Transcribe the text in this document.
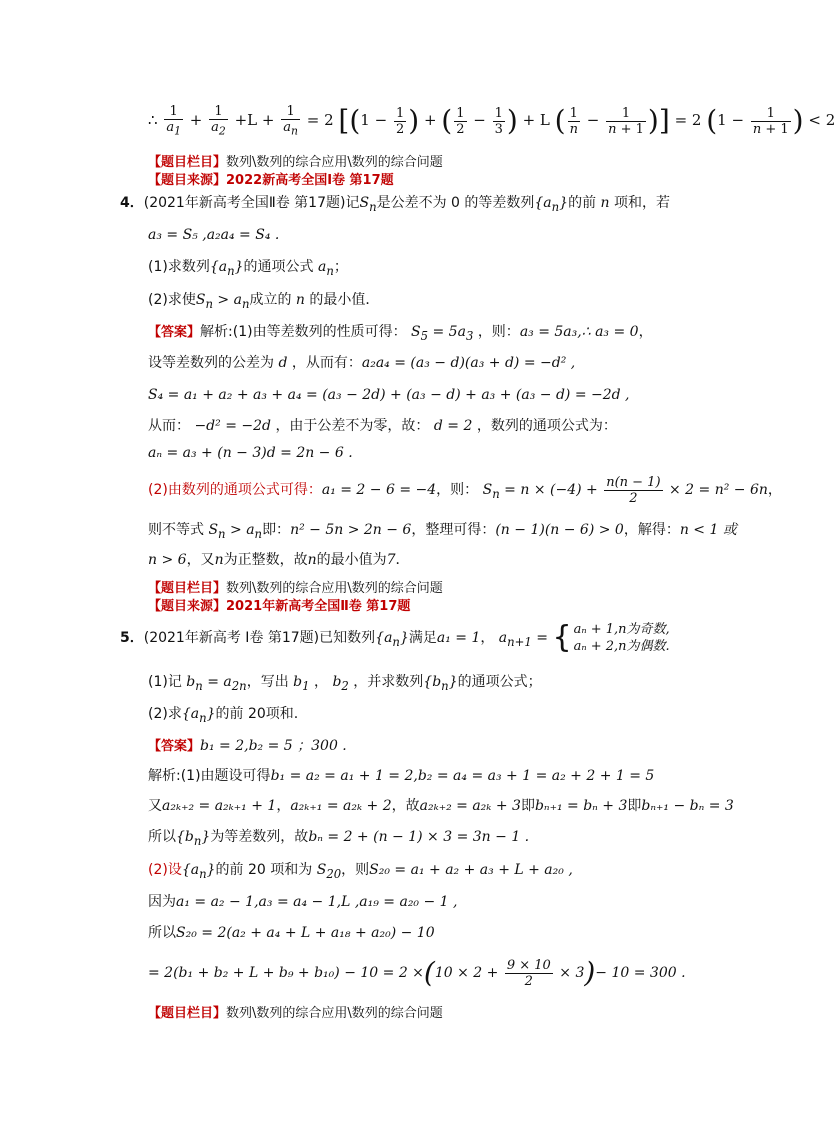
∴ $\frac{1}{a_1} + \frac{1}{a_2} +L + \frac{1}{a_n} = 2$ [($1 - \frac{1}{2}$ ) + ( $\frac{1}{2} - \frac{1}{3}$ ) + L ( $\frac{1}{n} - \frac{1}{n + 1}$ )] = 2 ($1 - \frac{1}{n + 1}$ ) < 2
【题目栏目】数列\数列的综合应用\数列的综合问题
【题目来源】2022新高考全国I卷 第17题
4．(2021年新高考全国Ⅱ卷 第17题)记$S_n$是公差不为 0 的等差数列$\{a_n\}$的前 n 项和，若
a₃ = S₅ ,a₂a₄ = S₄ .
(1)求数列$\{a_n\}$的通项公式 $a_n$；
(2)求使$S_n > a_n$成立的 n 的最小值．
【答案】解析:(1)由等差数列的性质可得： $S_5 = 5a_3$ ，则：a₃ = 5a₃,∴ a₃ = 0，
设等差数列的公差为 d ，从而有：a₂a₄ = (a₃ − d)(a₃ + d) = −d² ,
S₄ = a₁ + a₂ + a₃ + a₄ = (a₃ − 2d) + (a₃ − d) + a₃ + (a₃ − d) = −2d ,
从而： −d² = −2d ，由于公差不为零，故： d = 2 ，数列的通项公式为：
aₙ = a₃ + (n − 3)d = 2n − 6 .
(2)由数列的通项公式可得：a₁ = 2 − 6 = −4，则： $S_n = n \times (-4) + \frac{n(n - 1)}{2} \times 2 = n^2 - 6n$，
则不等式 $S_n > a_n$即：n² − 5n > 2n − 6，整理可得：(n − 1)(n − 6) > 0，解得：n < 1 或
n > 6，又n为正整数，故n的最小值为7．
【题目栏目】数列\数列的综合应用\数列的综合问题
【题目来源】2021年新高考全国Ⅱ卷 第17题
5．(2021年新高考 I卷 第17题)已知数列$\{a_n\}$满足a₁ = 1， $a_{n+1}$ = { aₙ + 1,n为奇数,
aₙ + 2,n为偶数.
(1)记 $b_n = a_{2n}$，写出 $b_1$ ， $b_2$ ，并求数列$\{b_n\}$的通项公式；
(2)求$\{a_n\}$的前 20项和.
【答案】b₁ = 2,b₂ = 5 ；300 .
解析:(1)由题设可得b₁ = a₂ = a₁ + 1 = 2,b₂ = a₄ = a₃ + 1 = a₂ + 2 + 1 = 5
又a₂ₖ₊₂ = a₂ₖ₊₁ + 1，a₂ₖ₊₁ = a₂ₖ + 2，故a₂ₖ₊₂ = a₂ₖ + 3即bₙ₊₁ = bₙ + 3即bₙ₊₁ − bₙ = 3
所以$\{b_n\}$为等差数列，故bₙ = 2 + (n − 1) × 3 = 3n − 1 .
(2)设$\{a_n\}$的前 20 项和为 $S_{20}$，则S₂₀ = a₁ + a₂ + a₃ + L + a₂₀ ,
因为a₁ = a₂ − 1,a₃ = a₄ − 1,L ,a₁₉ = a₂₀ − 1 ,
所以S₂₀ = 2(a₂ + a₄ + L + a₁₈ + a₂₀) − 10
= $2(b_1 + b_2 + L + b_9 + b_{10}) - 10 = 2 \times(10 \times 2 + \frac{9 \times 10}{2} \times 3)- 10 = 300$ .
【题目栏目】数列\数列的综合应用\数列的综合问题
